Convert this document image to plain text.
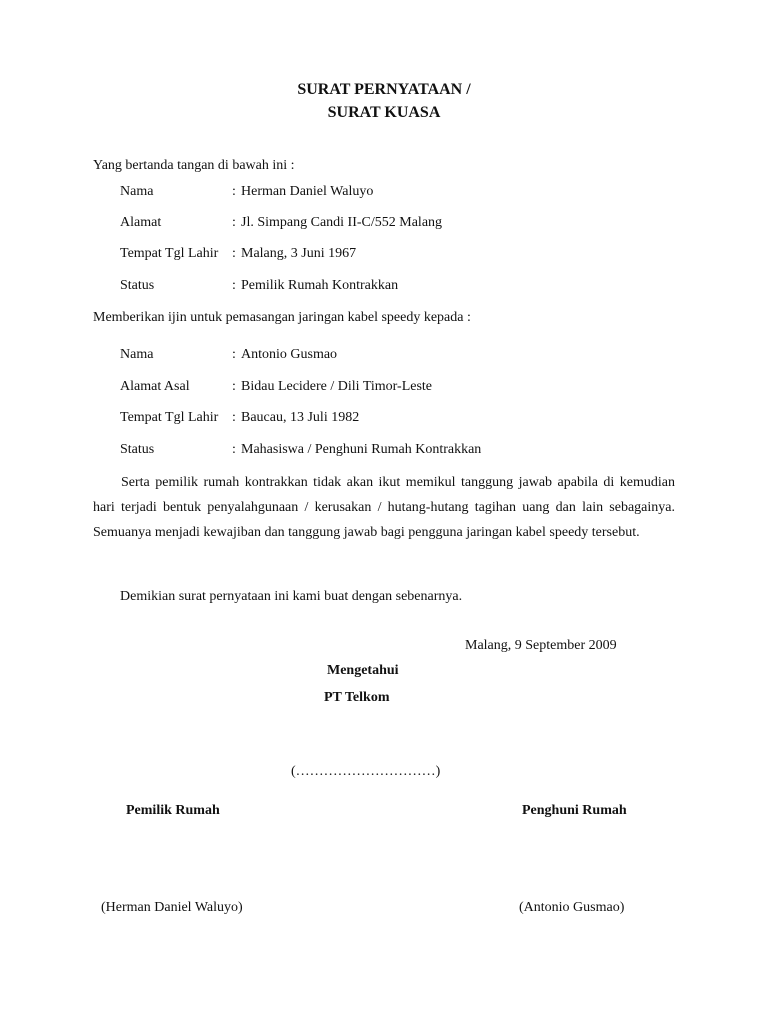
SURAT PERNYATAAN /
SURAT KUASA
Yang bertanda tangan di bawah ini :
Nama	: Herman Daniel Waluyo
Alamat	: Jl. Simpang Candi II-C/552 Malang
Tempat Tgl Lahir : Malang, 3 Juni 1967
Status	: Pemilik Rumah Kontrakkan
Memberikan ijin untuk pemasangan jaringan kabel speedy kepada :
Nama	: Antonio Gusmao
Alamat Asal	: Bidau Lecidere / Dili Timor-Leste
Tempat Tgl Lahir : Baucau, 13 Juli 1982
Status	: Mahasiswa / Penghuni Rumah Kontrakkan
Serta pemilik rumah kontrakkan tidak akan ikut memikul tanggung jawab apabila di kemudian hari terjadi bentuk penyalahgunaan / kerusakan / hutang-hutang tagihan uang dan lain sebagainya. Semuanya menjadi kewajiban dan tanggung jawab bagi pengguna jaringan kabel speedy tersebut.
Demikian surat pernyataan ini kami buat dengan sebenarnya.
Malang, 9 September 2009
Mengetahui
PT Telkom
(…………………………)
Pemilik Rumah	Penghuni Rumah
(Herman Daniel Waluyo)	(Antonio Gusmao)
